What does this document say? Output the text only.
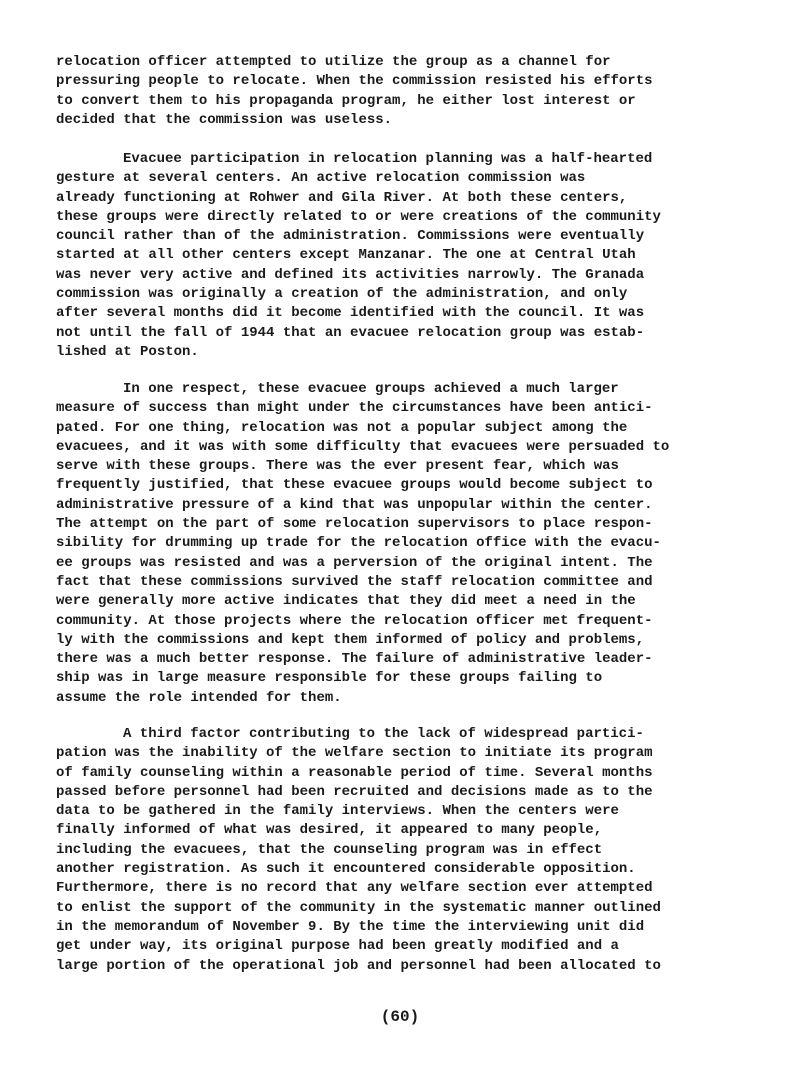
relocation officer attempted to utilize the group as a channel for
pressuring people to relocate. When the commission resisted his efforts
to convert them to his propaganda program, he either lost interest or
decided that the commission was useless.
Evacuee participation in relocation planning was a half-hearted
gesture at several centers. An active relocation commission was
already functioning at Rohwer and Gila River. At both these centers,
these groups were directly related to or were creations of the community
council rather than of the administration. Commissions were eventually
started at all other centers except Manzanar. The one at Central Utah
was never very active and defined its activities narrowly. The Granada
commission was originally a creation of the administration, and only
after several months did it become identified with the council. It was
not until the fall of 1944 that an evacuee relocation group was estab-
lished at Poston.
In one respect, these evacuee groups achieved a much larger
measure of success than might under the circumstances have been antici-
pated. For one thing, relocation was not a popular subject among the
evacuees, and it was with some difficulty that evacuees were persuaded to
serve with these groups. There was the ever present fear, which was
frequently justified, that these evacuee groups would become subject to
administrative pressure of a kind that was unpopular within the center.
The attempt on the part of some relocation supervisors to place respon-
sibility for drumming up trade for the relocation office with the evacu-
ee groups was resisted and was a perversion of the original intent. The
fact that these commissions survived the staff relocation committee and
were generally more active indicates that they did meet a need in the
community. At those projects where the relocation officer met frequent-
ly with the commissions and kept them informed of policy and problems,
there was a much better response. The failure of administrative leader-
ship was in large measure responsible for these groups failing to
assume the role intended for them.
A third factor contributing to the lack of widespread partici-
pation was the inability of the welfare section to initiate its program
of family counseling within a reasonable period of time. Several months
passed before personnel had been recruited and decisions made as to the
data to be gathered in the family interviews. When the centers were
finally informed of what was desired, it appeared to many people,
including the evacuees, that the counseling program was in effect
another registration. As such it encountered considerable opposition.
Furthermore, there is no record that any welfare section ever attempted
to enlist the support of the community in the systematic manner outlined
in the memorandum of November 9. By the time the interviewing unit did
get under way, its original purpose had been greatly modified and a
large portion of the operational job and personnel had been allocated to
(60)
